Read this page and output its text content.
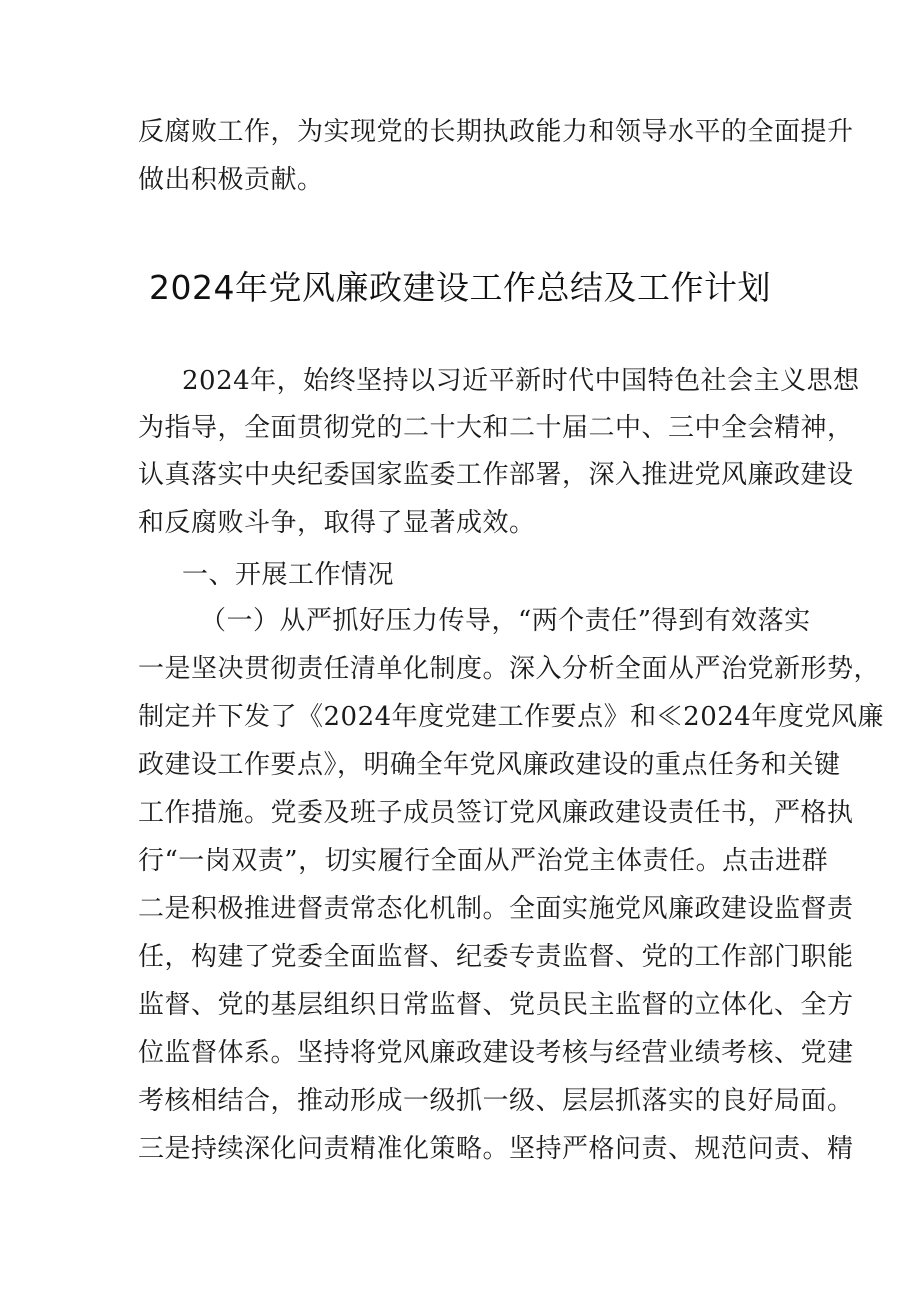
反腐败工作，为实现党的长期执政能力和领导水平的全面提升
做出积极贡献。
2024年党风廉政建设工作总结及工作计划
2024年，始终坚持以习近平新时代中国特色社会主义思想
为指导，全面贯彻党的二十大和二十届二中、三中全会精神，
认真落实中央纪委国家监委工作部署，深入推进党风廉政建设
和反腐败斗争，取得了显著成效。
一、开展工作情况
（一）从严抓好压力传导，“两个责任”得到有效落实
一是坚决贯彻责任清单化制度。深入分析全面从严治党新形势，
制定并下发了《2024年度党建工作要点》和≪2024年度党风廉
政建设工作要点》，明确全年党风廉政建设的重点任务和关键
工作措施。党委及班子成员签订党风廉政建设责任书，严格执
行“一岗双责”，切实履行全面从严治党主体责任。点击进群
二是积极推进督责常态化机制。全面实施党风廉政建设监督责
任，构建了党委全面监督、纪委专责监督、党的工作部门职能
监督、党的基层组织日常监督、党员民主监督的立体化、全方
位监督体系。坚持将党风廉政建设考核与经营业绩考核、党建
考核相结合，推动形成一级抓一级、层层抓落实的良好局面。
三是持续深化问责精准化策略。坚持严格问责、规范问责、精
